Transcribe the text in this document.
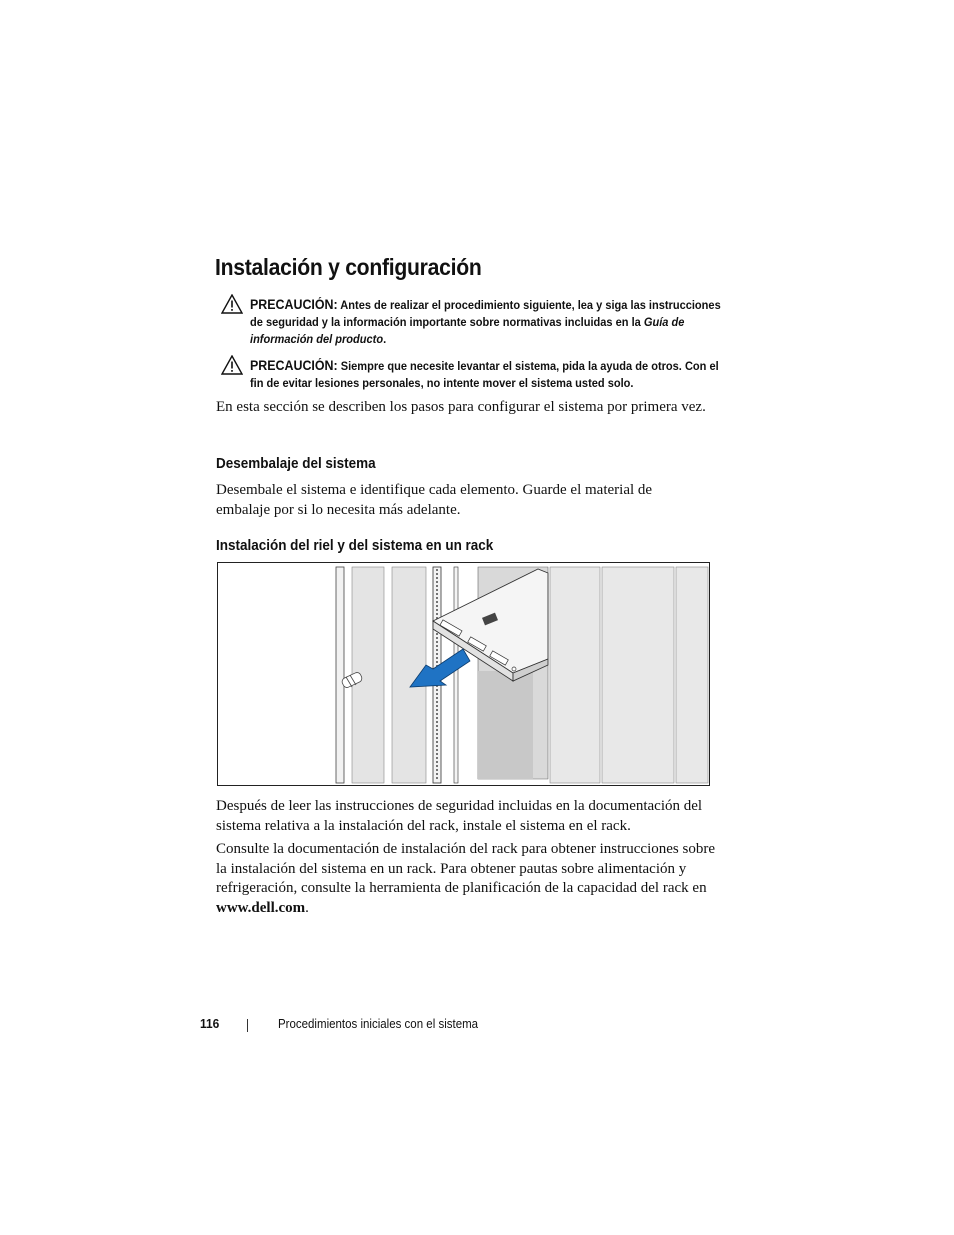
Instalación y configuración
PRECAUCIÓN: Antes de realizar el procedimiento siguiente, lea y siga las instrucciones de seguridad y la información importante sobre normativas incluidas en la Guía de información del producto.
PRECAUCIÓN: Siempre que necesite levantar el sistema, pida la ayuda de otros. Con el fin de evitar lesiones personales, no intente mover el sistema usted solo.

En esta sección se describen los pasos para configurar el sistema por primera vez.

Desembalaje del sistema

Desembale el sistema e identifique cada elemento. Guarde el material de embalaje por si lo necesita más adelante.

Instalación del riel y del sistema en un rack

Después de leer las instrucciones de seguridad incluidas en la documentación del sistema relativa a la instalación del rack, instale el sistema en el rack.

Consulte la documentación de instalación del rack para obtener instrucciones sobre la instalación del sistema en un rack. Para obtener pautas sobre alimentación y refrigeración, consulte la herramienta de planificación de la capacidad del rack en www.dell.com.

116	Procedimientos iniciales con el sistema
